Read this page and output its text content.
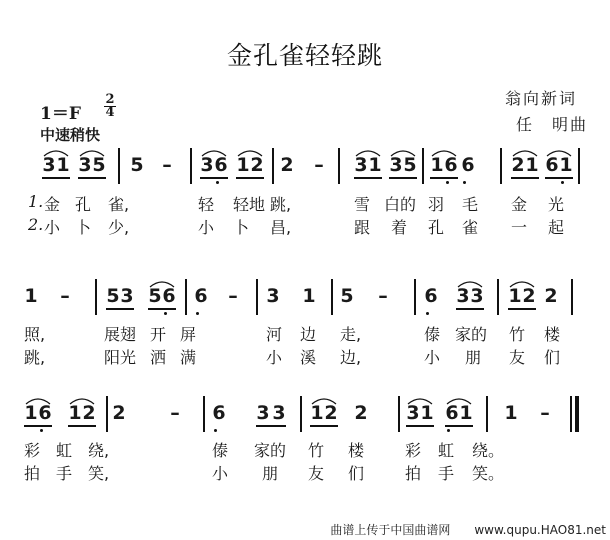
金孔雀轻轻跳
翁向新词
任　明曲
1＝F
2
4
中速稍快
3 1 3 5 5 – 3 6 1 2 2 – 3 1 3 5 1 6 6 2 1 6 1
1. 金 孔 雀,	轻 轻地 跳,	雪 白的 羽 毛 金 光
2. 小 卜 少,	小 卜 昌,	跟 着 孔 雀 一 起
1 – 5 3 5 6 6 – 3 1 5 – 6 3 3 1 2 2
照,	展翅 开 屏	河 边 走,	傣 家的 竹 楼
跳,	阳光 洒 满	小 溪 边,	小 朋 友 们
1 6 1 2 2 – 6 3 3 1 2 2 3 1 6 1 1 –
彩 虹 绕,	傣 家的 竹 楼	彩 虹 绕。
拍 手 笑,	小 朋 友 们	拍 手 笑。
曲谱上传于中国曲谱网　　www.qupu.HAO81.net
